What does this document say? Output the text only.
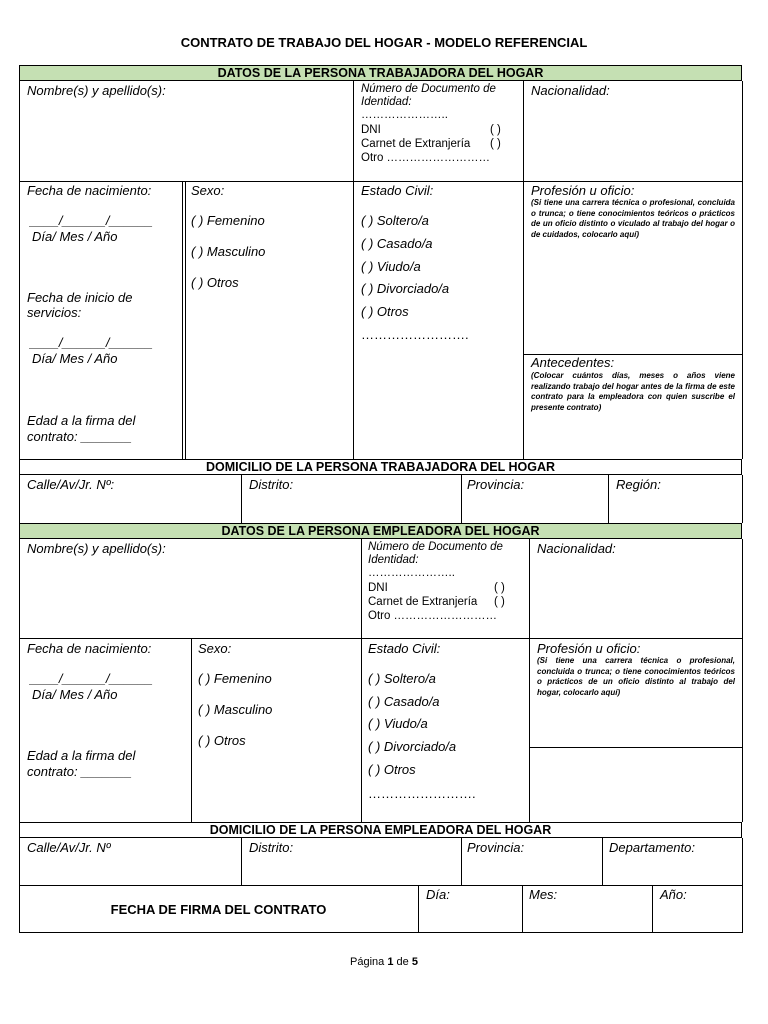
CONTRATO DE TRABAJO DEL HOGAR - MODELO REFERENCIAL
DATOS DE LA PERSONA TRABAJADORA DEL HOGAR
Nombre(s) y apellido(s):	Número de Documento de
Identidad:
…………………..
DNI	( )
Carnet de Extranjería ( )
Otro ………………………
Nacionalidad:
Fecha de nacimiento:
____/______/______
Día/ Mes / Año
Fecha de inicio de
servicios:
____/______/______
Día/ Mes / Año
Edad a la firma del
contrato: _______
Sexo:
( ) Femenino
( ) Masculino
( ) Otros
Estado Civil:
( ) Soltero/a
( ) Casado/a
( ) Viudo/a
( ) Divorciado/a
( ) Otros
…………………….
Profesión u oficio:
(Si tiene una carrera técnica o profesional, concluida o trunca; o tiene conocimientos teóricos o prácticos de un oficio distinto o viculado al trabajo del hogar o de cuidados, colocarlo aquí)
Antecedentes:
(Colocar cuántos días, meses o años viene realizando trabajo del hogar antes de la firma de este contrato para la empleadora con quien suscribe el presente contrato)
DOMICILIO DE LA PERSONA TRABAJADORA DEL HOGAR
Calle/Av/Jr. Nº:	Distrito:	Provincia:	Región:
DATOS DE LA PERSONA EMPLEADORA DEL HOGAR
Nombre(s) y apellido(s):	Número de Documento de
Identidad:
…………………..
DNI	( )
Carnet de Extranjería ( )
Otro ………………………
Nacionalidad:
Fecha de nacimiento:
____/______/______
Día/ Mes / Año
Edad a la firma del
contrato: _______
Sexo:
( ) Femenino
( ) Masculino
( ) Otros
Estado Civil:
( ) Soltero/a
( ) Casado/a
( ) Viudo/a
( ) Divorciado/a
( ) Otros
…………………….
Profesión u oficio:
(Si tiene una carrera técnica o profesional, concluida o trunca; o tiene conocimientos teóricos o prácticos de un oficio distinto al trabajo del hogar, colocarlo aquí)
DOMICILIO DE LA PERSONA EMPLEADORA DEL HOGAR
Calle/Av/Jr. Nº	Distrito:	Provincia:	Departamento:
FECHA DE FIRMA DEL CONTRATO
Día:	Mes:	Año:
Página 1 de 5
